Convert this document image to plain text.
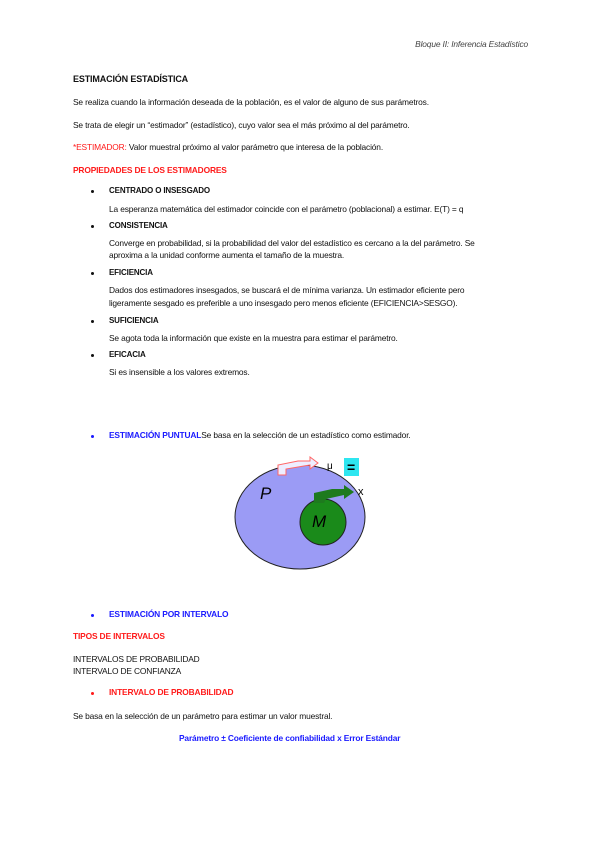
Bloque II: Inferencia Estadístico
ESTIMACIÓN ESTADÍSTICA
Se realiza cuando la información deseada de la población, es el valor de alguno de sus parámetros.
Se trata de elegir un “estimador” (estadístico), cuyo valor sea el más próximo al del parámetro.
*ESTIMADOR: Valor muestral próximo al valor parámetro que interesa de la población.
PROPIEDADES DE LOS ESTIMADORES
CENTRADO O INSESGADO
La esperanza matemática del estimador coincide con el parámetro (poblacional) a estimar. E(T) = q
CONSISTENCIA
Converge en probabilidad, si la probabilidad del valor del estadístico es cercano a la del parámetro. Se
aproxima a la unidad conforme aumenta el tamaño de la muestra.
EFICIENCIA
Dados dos estimadores insesgados, se buscará el de mínima varianza. Un estimador eficiente pero
ligeramente sesgado es preferible a uno insesgado pero menos eficiente (EFICIENCIA>SESGO).
SUFICIENCIA
Se agota toda la información que existe en la muestra para estimar el parámetro.
EFICACIA
Si es insensible a los valores extremos.
ESTIMACIÓN PUNTUALSe basa en la selección de un estadístico como estimador.
=
μ
x
P
M
ESTIMACIÓN POR INTERVALO
TIPOS DE INTERVALOS
INTERVALOS DE PROBABILIDAD
INTERVALO DE CONFIANZA
INTERVALO DE PROBABILIDAD
Se basa en la selección de un parámetro para estimar un valor muestral.
Parámetro ± Coeficiente de confiabilidad x Error Estándar
